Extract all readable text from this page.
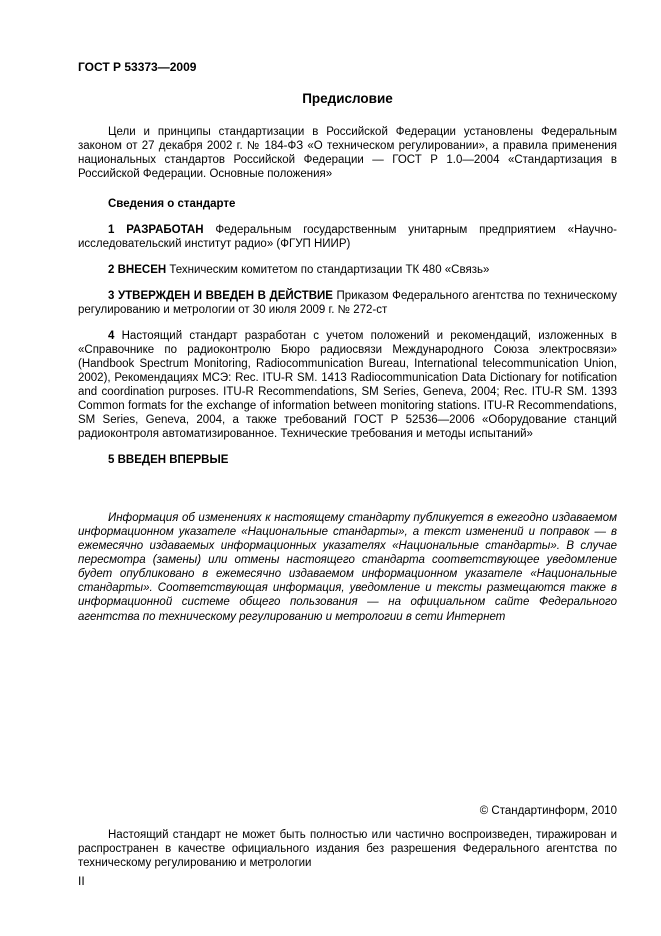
ГОСТ Р 53373—2009
Предисловие

Цели и принципы стандартизации в Российской Федерации установлены Федеральным законом от 27 декабря 2002 г. № 184-ФЗ «О техническом регулировании», а правила применения национальных стандартов Российской Федерации — ГОСТ Р 1.0—2004 «Стандартизация в Российской Федерации. Основные положения»

Сведения о стандарте

1 РАЗРАБОТАН Федеральным государственным унитарным предприятием «Научно-исследовательский институт радио» (ФГУП НИИР)

2 ВНЕСЕН Техническим комитетом по стандартизации ТК 480 «Связь»

3 УТВЕРЖДЕН И ВВЕДЕН В ДЕЙСТВИЕ Приказом Федерального агентства по техническому регулированию и метрологии от 30 июля 2009 г. № 272-ст

4 Настоящий стандарт разработан с учетом положений и рекомендаций, изложенных в «Справочнике по радиоконтролю Бюро радиосвязи Международного Союза электросвязи» (Handbook Spectrum Monitoring, Radiocommunication Bureau, International telecommunication Union, 2002), Рекомендациях МСЭ: Rec. ITU-R SM. 1413 Radiocommunication Data Dictionary for notification and coordination purposes. ITU-R Recommendations, SM Series, Geneva, 2004; Rec. ITU-R SM. 1393 Common formats for the exchange of information between monitoring stations. ITU-R Recommendations, SM Series, Geneva, 2004, а также требований ГОСТ Р 52536—2006 «Оборудование станций радиоконтроля автоматизированное. Технические требования и методы испытаний»

5 ВВЕДЕН ВПЕРВЫЕ

Информация об изменениях к настоящему стандарту публикуется в ежегодно издаваемом информационном указателе «Национальные стандарты», а текст изменений и поправок — в ежемесячно издаваемых информационных указателях «Национальные стандарты». В случае пересмотра (замены) или отмены настоящего стандарта соответствующее уведомление будет опубликовано в ежемесячно издаваемом информационном указателе «Национальные стандарты». Соответствующая информация, уведомление и тексты размещаются также в информационной системе общего пользования — на официальном сайте Федерального агентства по техническому регулированию и метрологии в сети Интернет

© Стандартинформ, 2010

Настоящий стандарт не может быть полностью или частично воспроизведен, тиражирован и распространен в качестве официального издания без разрешения Федерального агентства по техническому регулированию и метрологии

II
